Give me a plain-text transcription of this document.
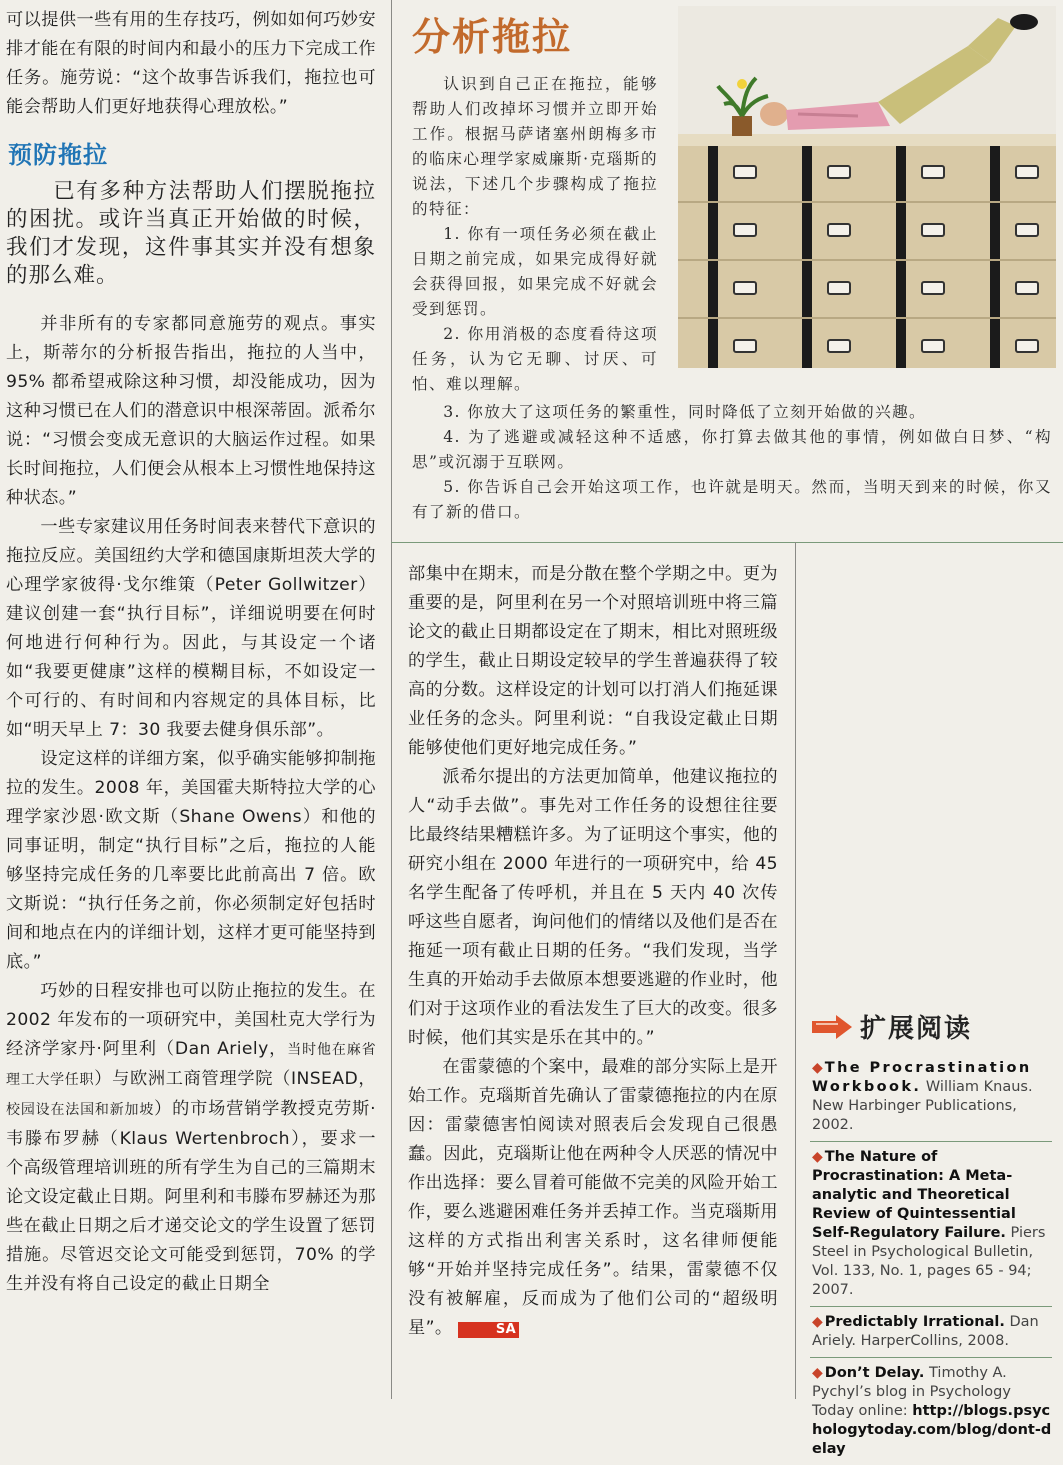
可以提供一些有用的生存技巧，例如如何巧妙安排才能在有限的时间内和最小的压力下完成工作任务。施劳说：“这个故事告诉我们，拖拉也可能会帮助人们更好地获得心理放松。”

预防拖拉

已有多种方法帮助人们摆脱拖拉的困扰。或许当真正开始做的时候，我们才发现，这件事其实并没有想象的那么难。

并非所有的专家都同意施劳的观点。事实上，斯蒂尔的分析报告指出，拖拉的人当中，95% 都希望戒除这种习惯，却没能成功，因为这种习惯已在人们的潜意识中根深蒂固。派希尔说：“习惯会变成无意识的大脑运作过程。如果长时间拖拉，人们便会从根本上习惯性地保持这种状态。”

一些专家建议用任务时间表来替代下意识的拖拉反应。美国纽约大学和德国康斯坦茨大学的心理学家彼得·戈尔维策（Peter Gollwitzer）建议创建一套“执行目标”，详细说明要在何时何地进行何种行为。因此，与其设定一个诸如“我要更健康”这样的模糊目标，不如设定一个可行的、有时间和内容规定的具体目标，比如“明天早上 7：30 我要去健身俱乐部”。

设定这样的详细方案，似乎确实能够抑制拖拉的发生。2008 年，美国霍夫斯特拉大学的心理学家沙恩·欧文斯（Shane Owens）和他的同事证明，制定“执行目标”之后，拖拉的人能够坚持完成任务的几率要比此前高出 7 倍。欧文斯说：“执行任务之前，你必须制定好包括时间和地点在内的详细计划，这样才更可能坚持到底。”

巧妙的日程安排也可以防止拖拉的发生。在 2002 年发布的一项研究中，美国杜克大学行为经济学家丹·阿里利（Dan Ariely，当时他在麻省理工大学任职）与欧洲工商管理学院（INSEAD，校园设在法国和新加坡）的市场营销学教授克劳斯·韦滕布罗赫（Klaus Wertenbroch），要求一个高级管理培训班的所有学生为自己的三篇期末论文设定截止日期。阿里利和韦滕布罗赫还为那些在截止日期之后才递交论文的学生设置了惩罚措施。尽管迟交论文可能受到惩罚，70% 的学生并没有将自己设定的截止日期全

分析拖拉

认识到自己正在拖拉，能够帮助人们改掉坏习惯并立即开始工作。根据马萨诸塞州朗梅多市的临床心理学家威廉斯·克瑙斯的说法，下述几个步骤构成了拖拉的特征：

1. 你有一项任务必须在截止日期之前完成，如果完成得好就会获得回报，如果完成不好就会受到惩罚。

2. 你用消极的态度看待这项任务，认为它无聊、讨厌、可怕、难以理解。

3. 你放大了这项任务的繁重性，同时降低了立刻开始做的兴趣。

4. 为了逃避或减轻这种不适感，你打算去做其他的事情，例如做白日梦、“构思”或沉溺于互联网。

5. 你告诉自己会开始这项工作，也许就是明天。然而，当明天到来的时候，你又有了新的借口。

部集中在期末，而是分散在整个学期之中。更为重要的是，阿里利在另一个对照培训班中将三篇论文的截止日期都设定在了期末，相比对照班级的学生，截止日期设定较早的学生普遍获得了较高的分数。这样设定的计划可以打消人们拖延课业任务的念头。阿里利说：“自我设定截止日期能够使他们更好地完成任务。”

派希尔提出的方法更加简单，他建议拖拉的人“动手去做”。事先对工作任务的设想往往要比最终结果糟糕许多。为了证明这个事实，他的研究小组在 2000 年进行的一项研究中，给 45 名学生配备了传呼机，并且在 5 天内 40 次传呼这些自愿者，询问他们的情绪以及他们是否在拖延一项有截止日期的任务。“我们发现，当学生真的开始动手去做原本想要逃避的作业时，他们对于这项作业的看法发生了巨大的改变。很多时候，他们其实是乐在其中的。”

在雷蒙德的个案中，最难的部分实际上是开始工作。克瑙斯首先确认了雷蒙德拖拉的内在原因：雷蒙德害怕阅读对照表后会发现自己很愚蠢。因此，克瑙斯让他在两种令人厌恶的情况中作出选择：要么冒着可能做不完美的风险开始工作，要么逃避困难任务并丢掉工作。当克瑙斯用这样的方式指出利害关系时，这名律师便能够“开始并坚持完成任务”。结果，雷蒙德不仅没有被解雇，反而成为了他们公司的“超级明星”。	SA

扩展阅读
◆ The Procrastination Workbook. William Knaus. New Harbinger Publications, 2002.
◆ The Nature of Procrastination: A Meta-analytic and Theoretical Review of Quintessential Self-Regulatory Failure. Piers Steel in Psychological Bulletin, Vol. 133, No. 1, pages 65 - 94; 2007.
◆ Predictably Irrational. Dan Ariely. HarperCollins, 2008.
◆ Don’t Delay. Timothy A. Pychyl’s blog in Psychology Today online: http://blogs.psychologytoday.com/blog/dont-delay
